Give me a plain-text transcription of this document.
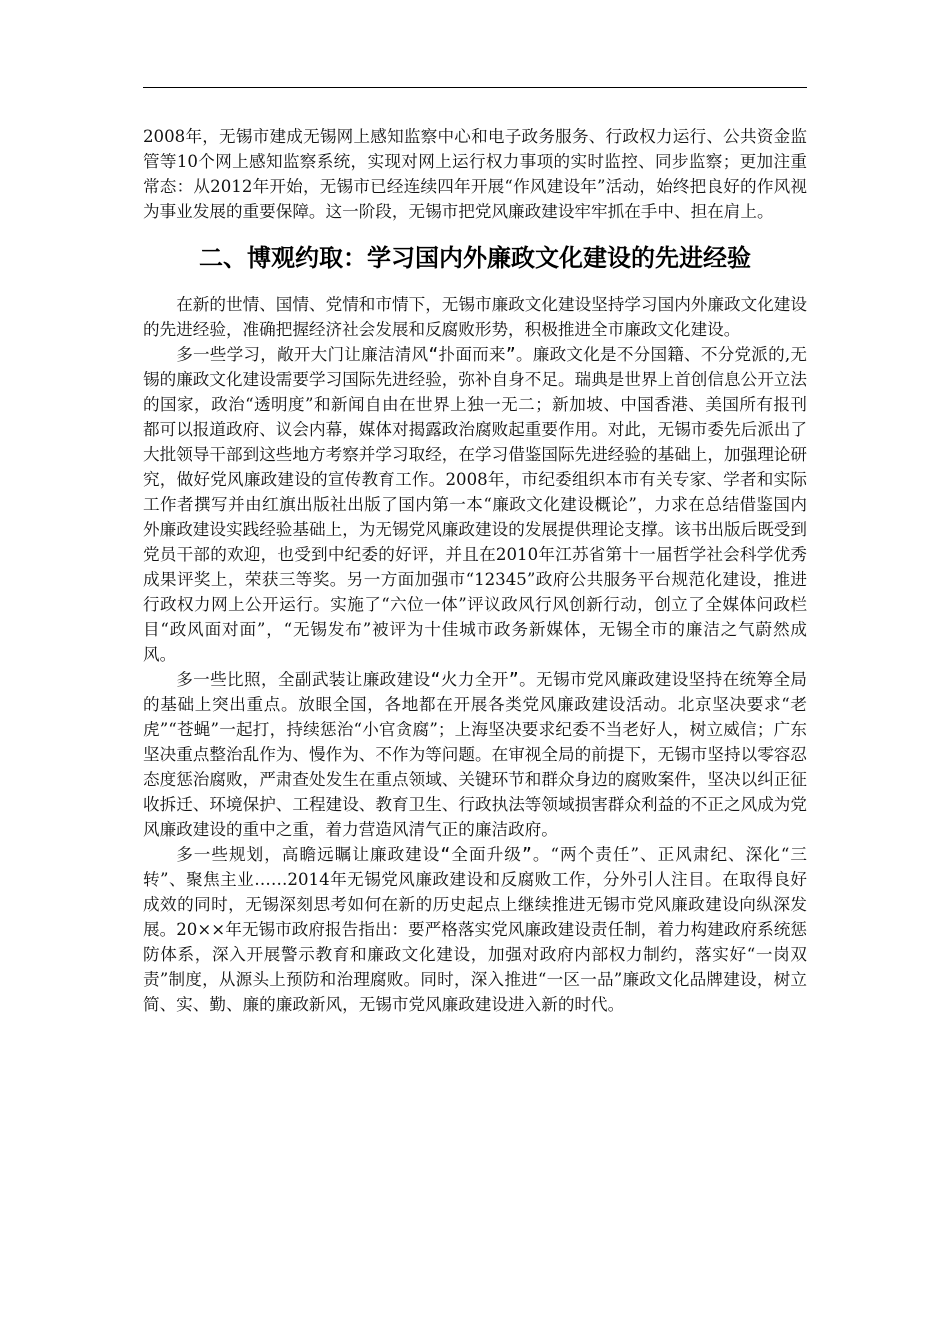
2008年，无锡市建成无锡网上感知监察中心和电子政务服务、行政权力运行、公共资金监管等10个网上感知监察系统，实现对网上运行权力事项的实时监控、同步监察；更加注重常态：从2012年开始，无锡市已经连续四年开展“作风建设年”活动，始终把良好的作风视为事业发展的重要保障。这一阶段，无锡市把党风廉政建设牢牢抓在手中、担在肩上。

二、博观约取：学习国内外廉政文化建设的先进经验

在新的世情、国情、党情和市情下，无锡市廉政文化建设坚持学习国内外廉政文化建设的先进经验，准确把握经济社会发展和反腐败形势，积极推进全市廉政文化建设。

多一些学习，敞开大门让廉洁清风“扑面而来”。廉政文化是不分国籍、不分党派的,无锡的廉政文化建设需要学习国际先进经验，弥补自身不足。瑞典是世界上首创信息公开立法的国家，政治“透明度”和新闻自由在世界上独一无二；新加坡、中国香港、美国所有报刊都可以报道政府、议会内幕，媒体对揭露政治腐败起重要作用。对此，无锡市委先后派出了大批领导干部到这些地方考察并学习取经，在学习借鉴国际先进经验的基础上，加强理论研究，做好党风廉政建设的宣传教育工作。2008年，市纪委组织本市有关专家、学者和实际工作者撰写并由红旗出版社出版了国内第一本“廉政文化建设概论”，力求在总结借鉴国内外廉政建设实践经验基础上，为无锡党风廉政建设的发展提供理论支撑。该书出版后既受到党员干部的欢迎，也受到中纪委的好评，并且在2010年江苏省第十一届哲学社会科学优秀成果评奖上，荣获三等奖。另一方面加强市“12345”政府公共服务平台规范化建设，推进行政权力网上公开运行。实施了“六位一体”评议政风行风创新行动，创立了全媒体问政栏目“政风面对面”，“无锡发布”被评为十佳城市政务新媒体，无锡全市的廉洁之气蔚然成风。

多一些比照，全副武装让廉政建设“火力全开”。无锡市党风廉政建设坚持在统筹全局的基础上突出重点。放眼全国，各地都在开展各类党风廉政建设活动。北京坚决要求“老虎”“苍蝇”一起打，持续惩治“小官贪腐”；上海坚决要求纪委不当老好人，树立威信；广东坚决重点整治乱作为、慢作为、不作为等问题。在审视全局的前提下，无锡市坚持以零容忍态度惩治腐败，严肃查处发生在重点领域、关键环节和群众身边的腐败案件，坚决以纠正征收拆迁、环境保护、工程建设、教育卫生、行政执法等领域损害群众利益的不正之风成为党风廉政建设的重中之重，着力营造风清气正的廉洁政府。

多一些规划，高瞻远瞩让廉政建设“全面升级”。“两个责任”、正风肃纪、深化“三转”、聚焦主业……2014年无锡党风廉政建设和反腐败工作，分外引人注目。在取得良好成效的同时，无锡深刻思考如何在新的历史起点上继续推进无锡市党风廉政建设向纵深发展。20××年无锡市政府报告指出：要严格落实党风廉政建设责任制，着力构建政府系统惩防体系，深入开展警示教育和廉政文化建设，加强对政府内部权力制约，落实好“一岗双责”制度，从源头上预防和治理腐败。同时，深入推进“一区一品”廉政文化品牌建设，树立简、实、勤、廉的廉政新风，无锡市党风廉政建设进入新的时代。
